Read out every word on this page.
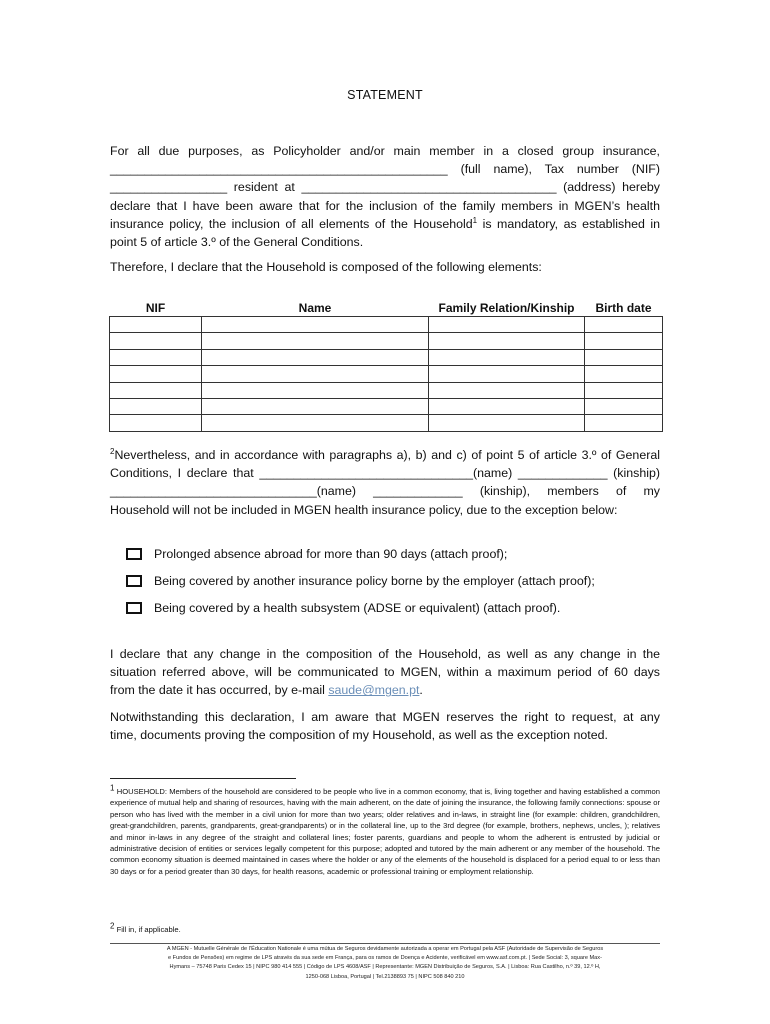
STATEMENT
For all due purposes, as Policyholder and/or main member in a closed group insurance,
_________________________________________________ (full name), Tax number (NIF)
_________________ resident at _____________________________________ (address) hereby
declare that I have been aware that for the inclusion of the family members in MGEN’s health
insurance policy, the inclusion of all elements of the Household$^1$ is mandatory, as established in
point 5 of article 3.º of the General Conditions.
Therefore, I declare that the Household is composed of the following elements:
NIF	Name	Family Relation/Kinship	Birth date

$^2$Nevertheless, and in accordance with paragraphs a), b) and c) of point 5 of article 3.º of General
Conditions, I declare that _______________________________(name) _____________ (kinship)
______________________________(name) _____________ (kinship), members of my
Household will not be included in MGEN health insurance policy, due to the exception below:
Prolonged absence abroad for more than 90 days (attach proof);
Being covered by another insurance policy borne by the employer (attach proof);
Being covered by a health subsystem (ADSE or equivalent) (attach proof).
I declare that any change in the composition of the Household, as well as any change in the
situation referred above, will be communicated to MGEN, within a maximum period of 60 days
from the date it has occurred, by e-mail saude@mgen.pt.
Notwithstanding this declaration, I am aware that MGEN reserves the right to request, at any
time, documents proving the composition of my Household, as well as the exception noted.
1 HOUSEHOLD: Members of the household are considered to be people who live in a common economy, that is, living together and having established a common experience of mutual help and sharing of resources, having with the main adherent, on the date of joining the insurance, the following family connections: spouse or person who has lived with the member in a civil union for more than two years; older relatives and in-laws, in straight line (for example: children, grandchildren, great-grandchildren, parents, grandparents, great-grandparents) or in the collateral line, up to the 3rd degree (for example, brothers, nephews, uncles, ); relatives and minor in-laws in any degree of the straight and collateral lines; foster parents, guardians and people to whom the adherent is entrusted by judicial or administrative decision of entities or services legally competent for this purpose; adopted and tutored by the main adherent or any member of the household. The common economy situation is deemed maintained in cases where the holder or any of the elements of the household is displaced for a period equal to or less than 30 days or for a period greater than 30 days, for health reasons, academic or professional training or employment relationship.
2 Fill in, if applicable.
A MGEN - Mutuelle Générale de l’Éducation Nationale é uma mútua de Seguros devidamente autorizada a operar em Portugal pela ASF (Autoridade de Supervisão de Seguros
e Fundos de Pensões) em regime de LPS através da sua sede em França, para os ramos de Doença e Acidente, verificável em www.asf.com.pt. | Sede Social: 3, square Max-
Hymans – 75748 Paris Cedex 15 | NIPC 980 414 555 | Código de LPS 4608/ASF | Representante: MGEN Distribuição de Seguros, S.A. | Lisboa: Rua Castilho, n.º 39, 12.º H,
1250-068 Lisboa, Portugal | Tel.2138893 75 | NIPC 508 840 210
